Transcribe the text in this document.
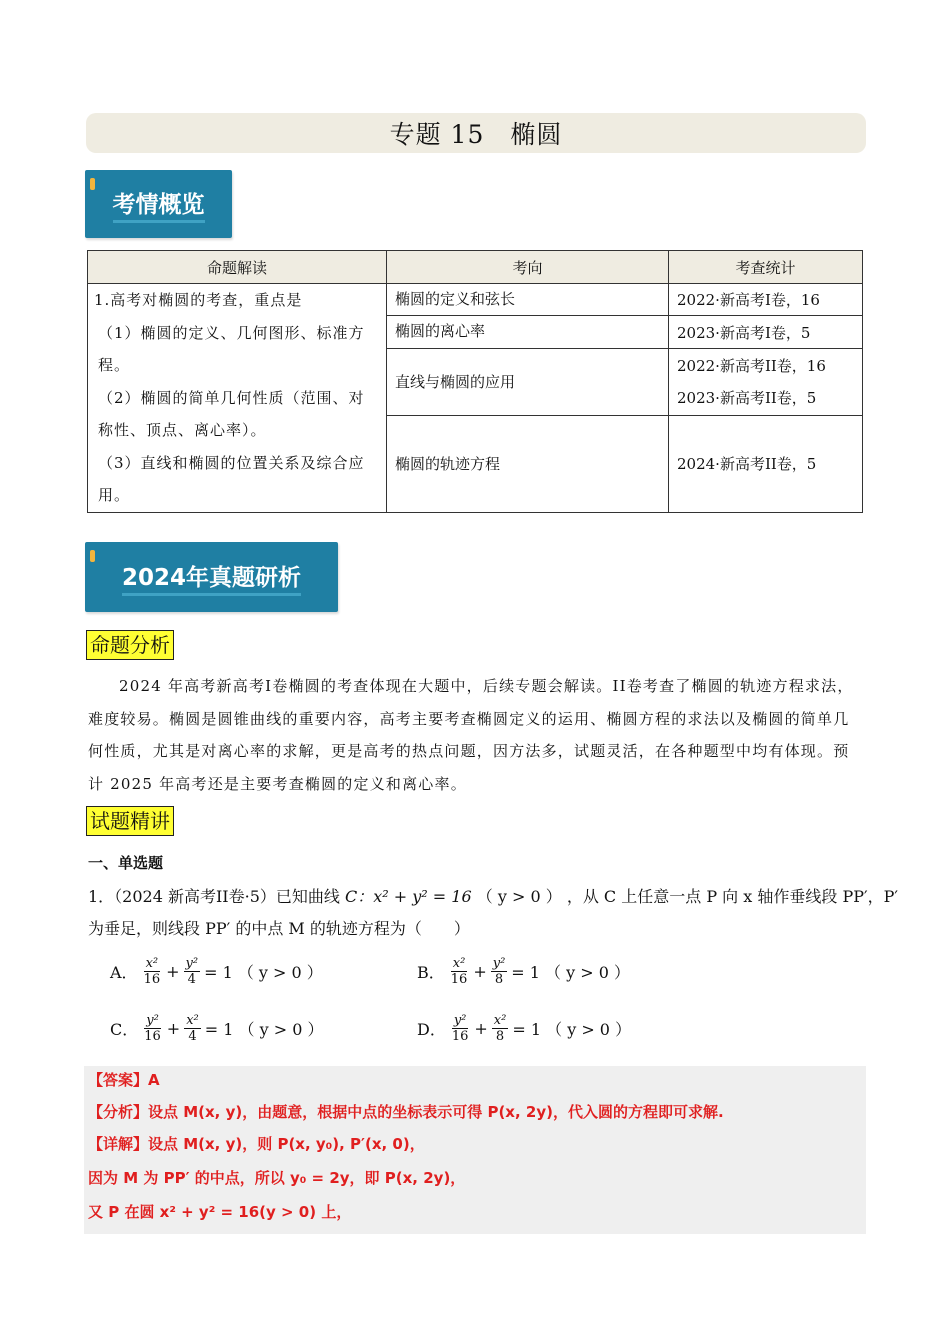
专题 15　椭圆
考情概览
命题解读	考向	考查统计

1.高考对椭圆的考查，重点是
（1）椭圆的定义、几何图形、标准方程。
（2）椭圆的简单几何性质（范围、对称性、顶点、离心率）。
（3）直线和椭圆的位置关系及综合应用。	椭圆的定义和弦长	2022·新高考I卷，16
	椭圆的离心率	2023·新高考I卷，5
	直线与椭圆的应用	2022·新高考II卷，16
2023·新高考II卷，5

	椭圆的轨迹方程	2024·新高考II卷，5
2024年真题研析
命题分析
2024 年高考新高考I卷椭圆的考查体现在大题中，后续专题会解读。II卷考查了椭圆的轨迹方程求法，难度较易。椭圆是圆锥曲线的重要内容，高考主要考查椭圆定义的运用、椭圆方程的求法以及椭圆的简单几何性质，尤其是对离心率的求解，更是高考的热点问题，因方法多，试题灵活，在各种题型中均有体现。预计 2025 年高考还是主要考查椭圆的定义和离心率。
试题精讲
一、单选题
1．（2024 新高考II卷·5）已知曲线 C：x² + y² = 16 （ y > 0 ） ，从 C 上任意一点 P 向 x 轴作垂线段 PP′，P′
为垂足，则线段 PP′ 的中点 M 的轨迹方程为（　　）
A． $\frac{\text{x²}}{16} + \frac{\text{y²}}{4} = 1$ （ y > 0 ）	B． $\frac{\text{x²}}{16} + \frac{\text{y²}}{8} = 1$ （ y > 0 ）
C． $\frac{\text{y²}}{16} + \frac{\text{x²}}{4} = 1$ （ y > 0 ）	D． $\frac{\text{y²}}{16} + \frac{\text{x²}}{8} = 1$ （ y > 0 ）
【答案】A
【分析】设点 M(x, y)，由题意，根据中点的坐标表示可得 P(x, 2y)，代入圆的方程即可求解.
【详解】设点 M(x, y)，则 P(x, y₀), P′(x, 0)，
因为 M 为 PP′ 的中点，所以 y₀ = 2y，即 P(x, 2y)，
又 P 在圆 x² + y² = 16(y > 0) 上，
